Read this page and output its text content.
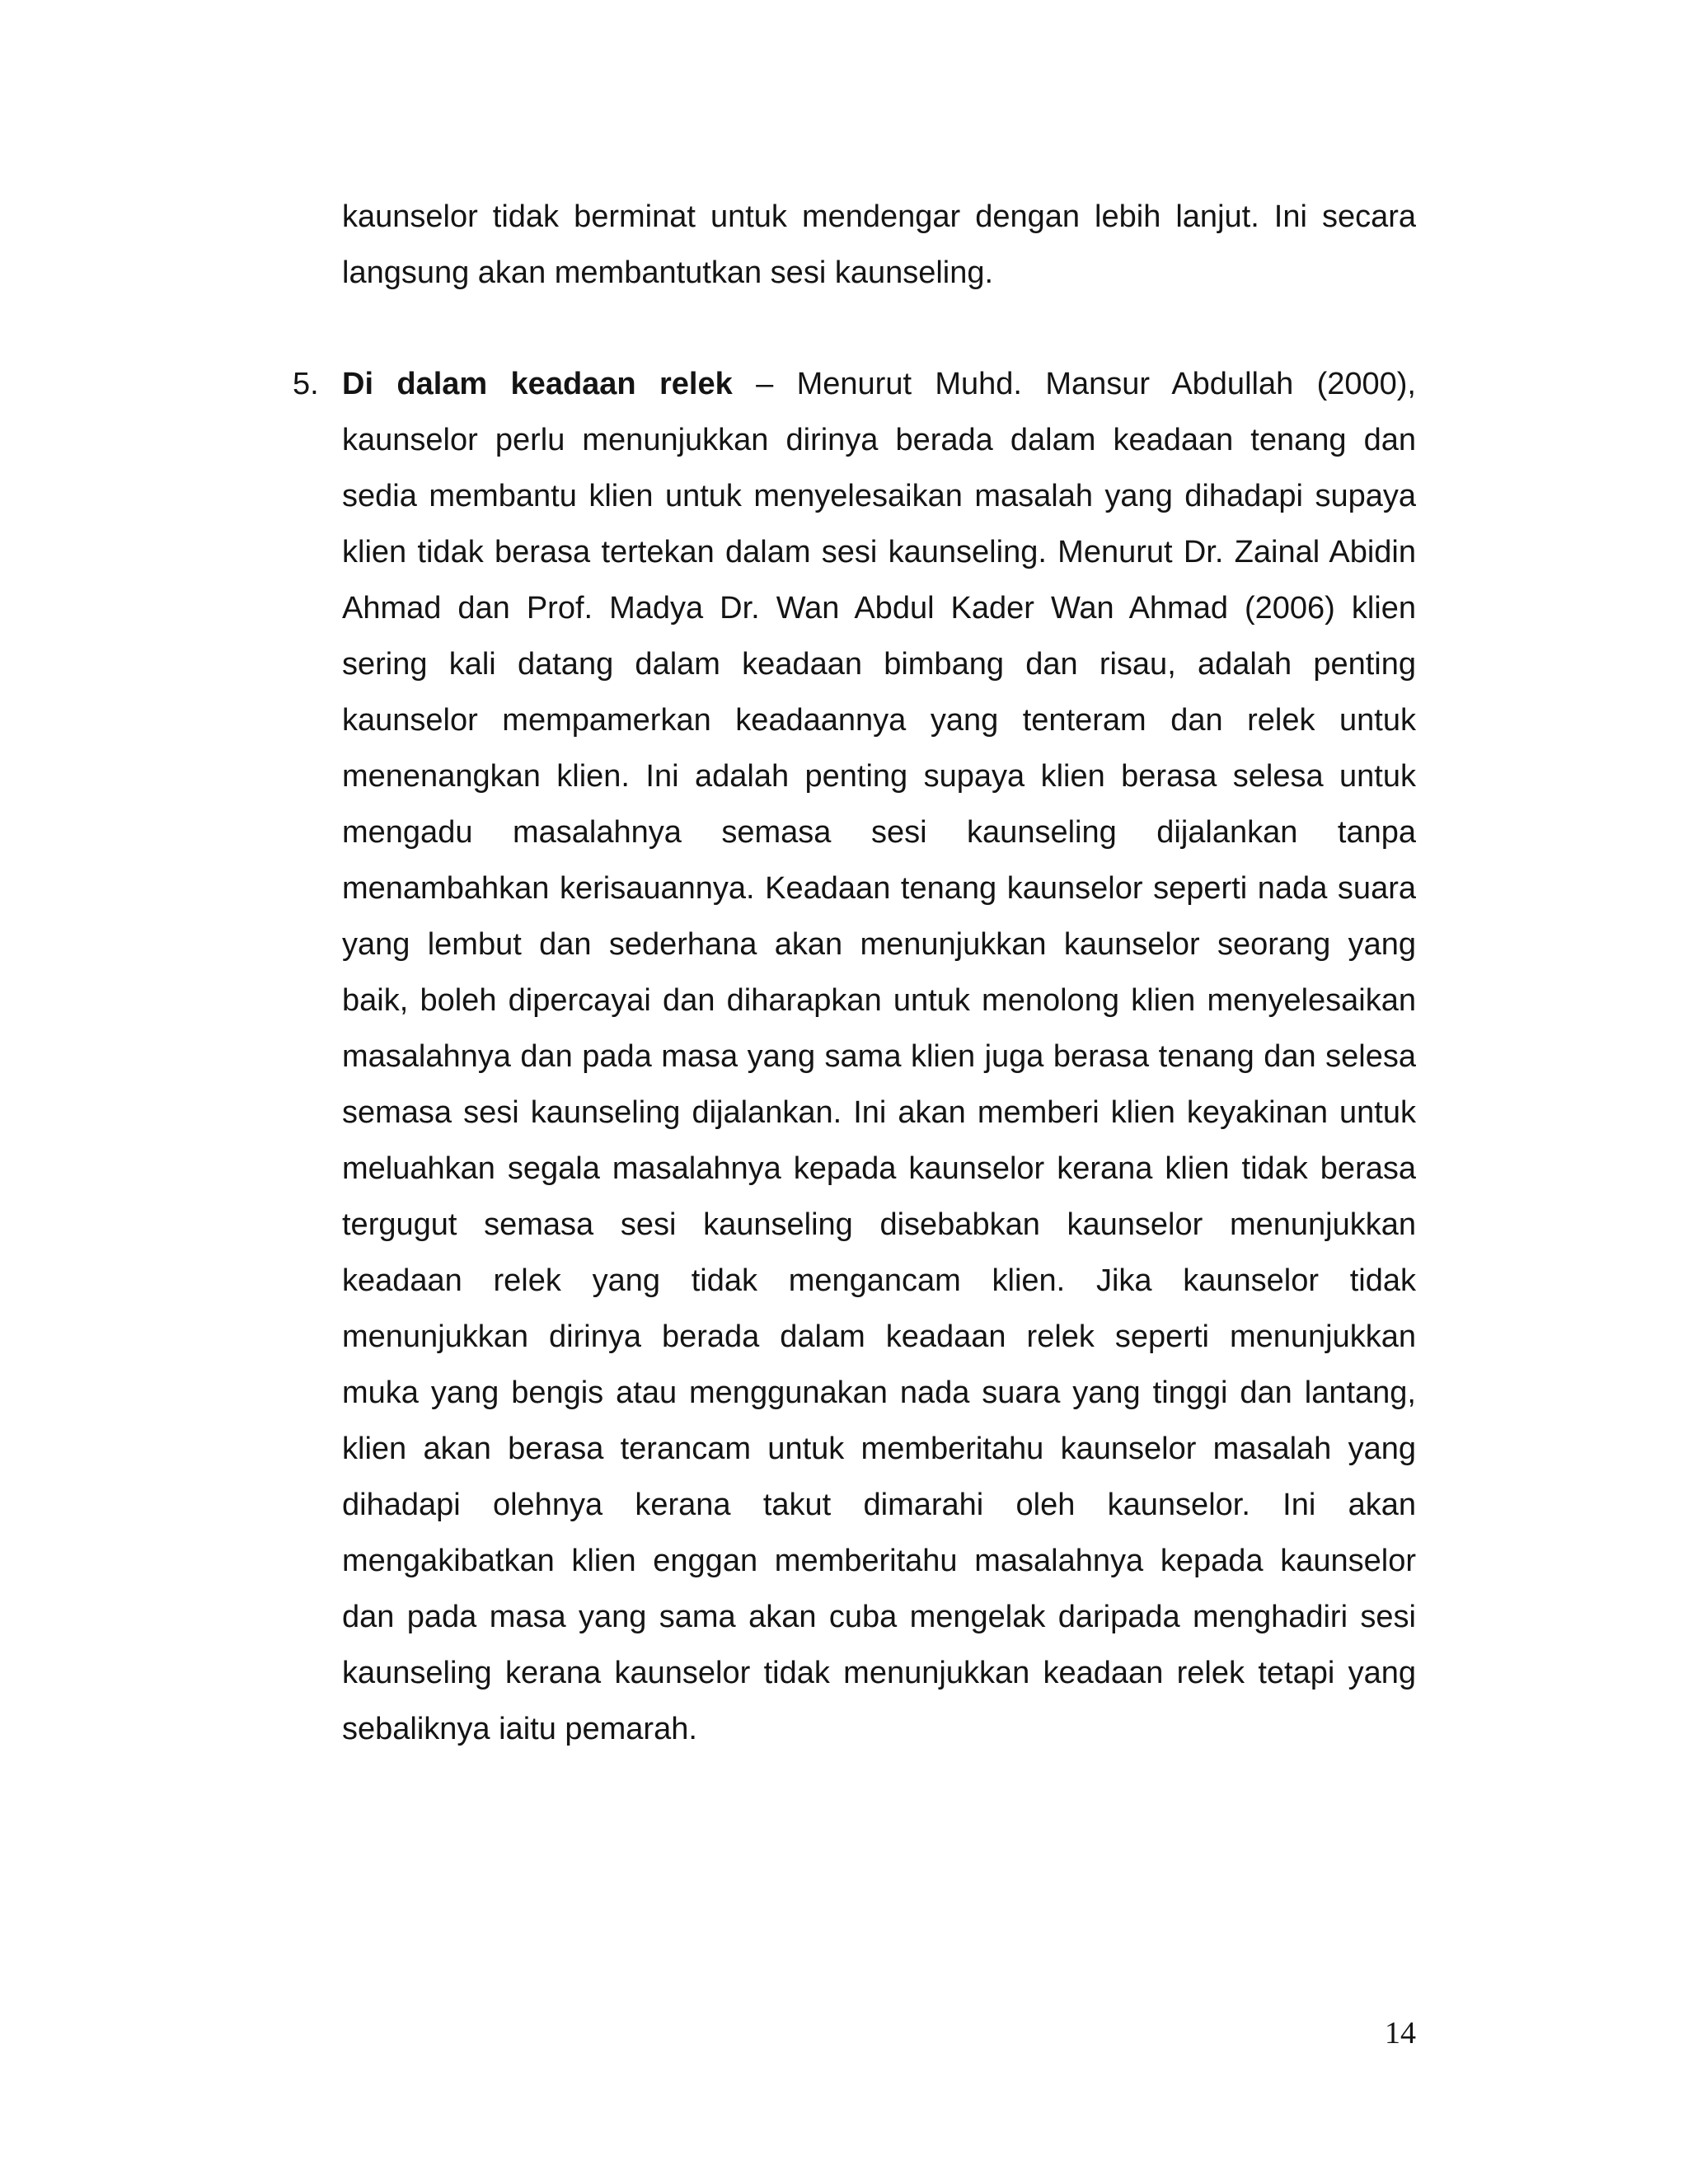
kaunselor tidak berminat untuk mendengar dengan lebih lanjut. Ini secara langsung akan membantutkan sesi kaunseling.

5. Di dalam keadaan relek – Menurut Muhd. Mansur Abdullah (2000), kaunselor perlu menunjukkan dirinya berada dalam keadaan tenang dan sedia membantu klien untuk menyelesaikan masalah yang dihadapi supaya klien tidak berasa tertekan dalam sesi kaunseling. Menurut Dr. Zainal Abidin Ahmad dan Prof. Madya Dr. Wan Abdul Kader Wan Ahmad (2006) klien sering kali datang dalam keadaan bimbang dan risau, adalah penting kaunselor mempamerkan keadaannya yang tenteram dan relek untuk menenangkan klien. Ini adalah penting supaya klien berasa selesa untuk mengadu masalahnya semasa sesi kaunseling dijalankan tanpa menambahkan kerisauannya. Keadaan tenang kaunselor seperti nada suara yang lembut dan sederhana akan menunjukkan kaunselor seorang yang baik, boleh dipercayai dan diharapkan untuk menolong klien menyelesaikan masalahnya dan pada masa yang sama klien juga berasa tenang dan selesa semasa sesi kaunseling dijalankan. Ini akan memberi klien keyakinan untuk meluahkan segala masalahnya kepada kaunselor kerana klien tidak berasa tergugut semasa sesi kaunseling disebabkan kaunselor menunjukkan keadaan relek yang tidak mengancam klien. Jika kaunselor tidak menunjukkan dirinya berada dalam keadaan relek seperti menunjukkan muka yang bengis atau menggunakan nada suara yang tinggi dan lantang, klien akan berasa terancam untuk memberitahu kaunselor masalah yang dihadapi olehnya kerana takut dimarahi oleh kaunselor. Ini akan mengakibatkan klien enggan memberitahu masalahnya kepada kaunselor dan pada masa yang sama akan cuba mengelak daripada menghadiri sesi kaunseling kerana kaunselor tidak menunjukkan keadaan relek tetapi yang sebaliknya iaitu pemarah.

14
